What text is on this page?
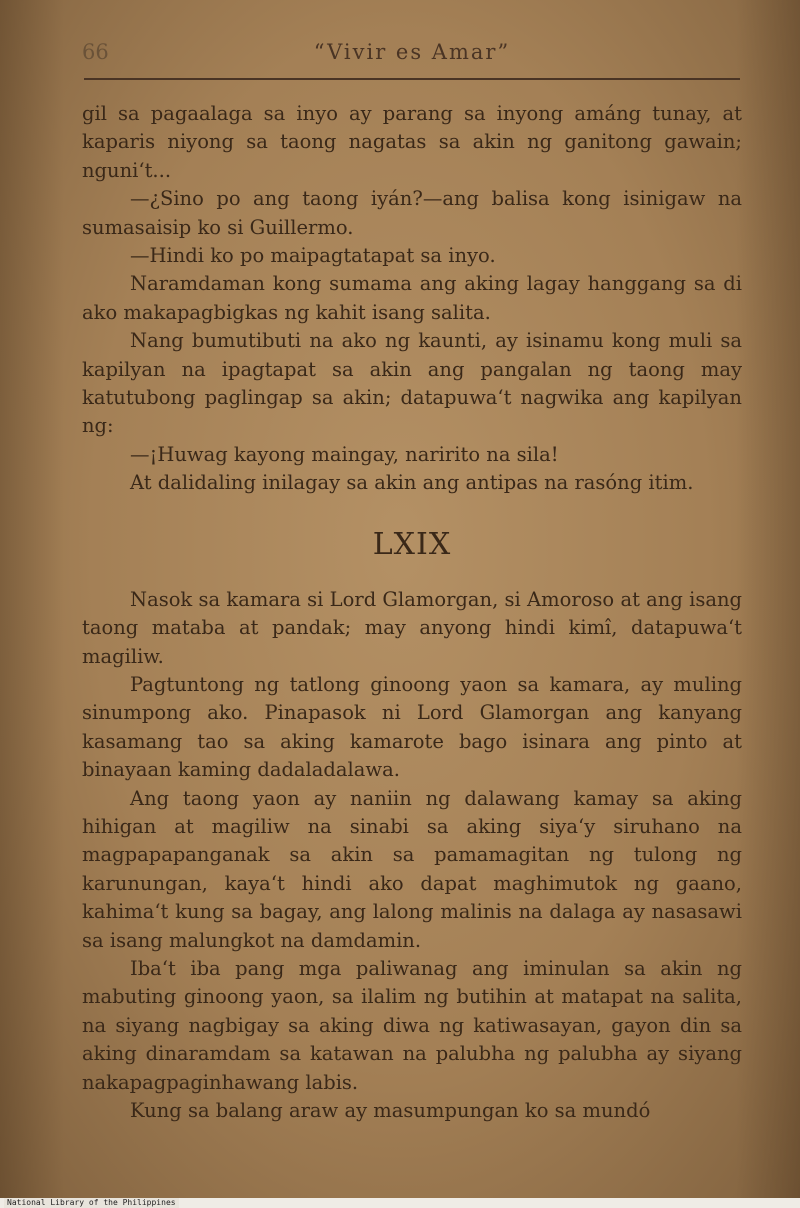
66	“Vivir es Amar”

gil sa pagaalaga sa inyo ay parang sa inyong amáng tunay, at kaparis niyong sa taong nagatas sa akin ng ganitong gawain; nguni‘t...

—¿Sino po ang taong iyán?—ang balisa kong isinigaw na sumasaisip ko si Guillermo.

—Hindi ko po maipagtatapat sa inyo.

Naramdaman kong sumama ang aking lagay hanggang sa di ako makapagbigkas ng kahit isang salita.

Nang bumutibuti na ako ng kaunti, ay isinamu kong muli sa kapilyan na ipagtapat sa akin ang pangalan ng taong may katutubong paglingap sa akin; datapuwa‘t nagwika ang kapilyan ng:

—¡Huwag kayong maingay, naririto na sila!

At dalidaling inilagay sa akin ang antipas na rasóng itim.

LXIX

Nasok sa kamara si Lord Glamorgan, si Amoroso at ang isang taong mataba at pandak; may anyong hindi kimî, datapuwa‘t magiliw.

Pagtuntong ng tatlong ginoong yaon sa kamara, ay muling sinumpong ako. Pinapasok ni Lord Glamorgan ang kanyang kasamang tao sa aking kamarote bago isinara ang pinto at binayaan kaming dadaladalawa.

Ang taong yaon ay naniin ng dalawang kamay sa aking hihigan at magiliw na sinabi sa aking siya‘y siruhano na magpapapanganak sa akin sa pamamagitan ng tulong ng karunungan, kaya‘t hindi ako dapat maghimutok ng gaano, kahima‘t kung sa bagay, ang lalong malinis na dalaga ay nasasawi sa isang malungkot na damdamin.

Iba‘t iba pang mga paliwanag ang iminulan sa akin ng mabuting ginoong yaon, sa ilalim ng butihin at matapat na salita, na siyang nagbigay sa aking diwa ng katiwasayan, gayon din sa aking dinaramdam sa katawan na palubha ng palubha ay siyang nakapagpaginhawang labis.

Kung sa balang araw ay masumpungan ko sa mundó

National Library of the Philippines
